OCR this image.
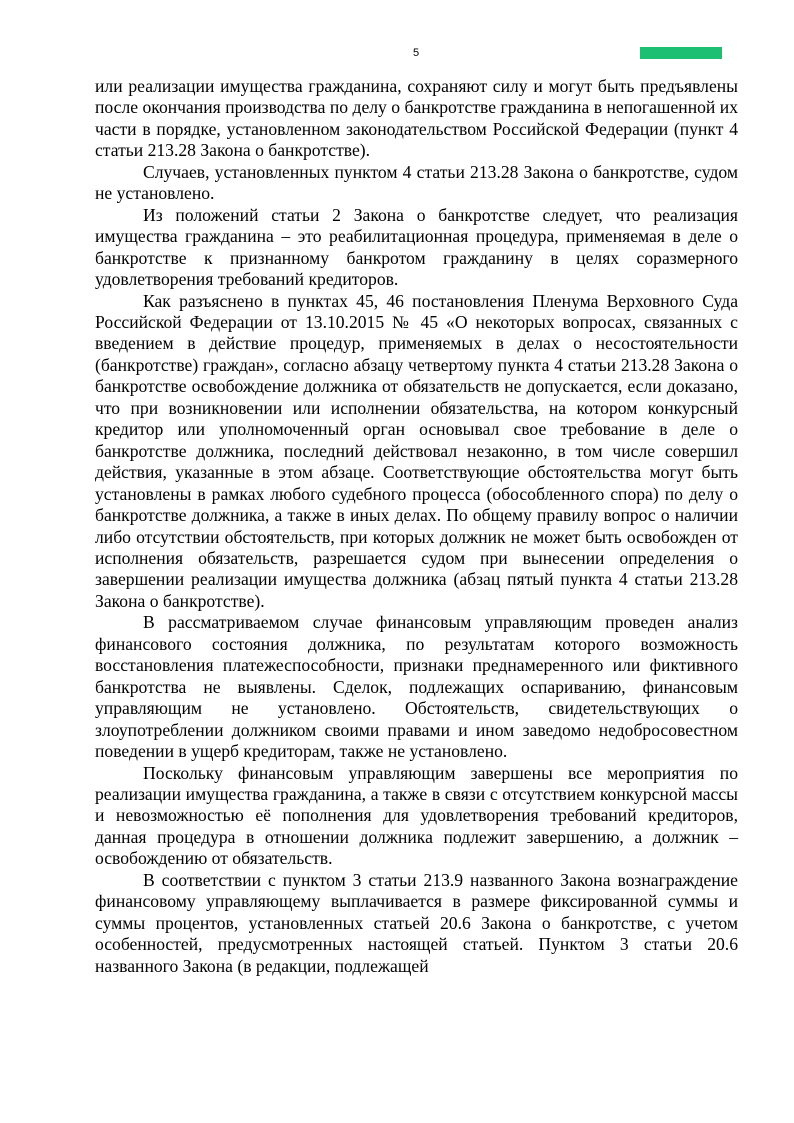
5

или реализации имущества гражданина, сохраняют силу и могут быть предъявлены после окончания производства по делу о банкротстве гражданина в непогашенной их части в порядке, установленном законодательством Российской Федерации (пункт 4 статьи 213.28 Закона о банкротстве).

Случаев, установленных пунктом 4 статьи 213.28 Закона о банкротстве, судом не установлено.

Из положений статьи 2 Закона о банкротстве следует, что реализация имущества гражданина – это реабилитационная процедура, применяемая в деле о банкротстве к признанному банкротом гражданину в целях соразмерного удовлетворения требований кредиторов.

Как разъяснено в пунктах 45, 46 постановления Пленума Верховного Суда Российской Федерации от 13.10.2015 № 45 «О некоторых вопросах, связанных с введением в действие процедур, применяемых в делах о несостоятельности (банкротстве) граждан», согласно абзацу четвертому пункта 4 статьи 213.28 Закона о банкротстве освобождение должника от обязательств не допускается, если доказано, что при возникновении или исполнении обязательства, на котором конкурсный кредитор или уполномоченный орган основывал свое требование в деле о банкротстве должника, последний действовал незаконно, в том числе совершил действия, указанные в этом абзаце. Соответствующие обстоятельства могут быть установлены в рамках любого судебного процесса (обособленного спора) по делу о банкротстве должника, а также в иных делах. По общему правилу вопрос о наличии либо отсутствии обстоятельств, при которых должник не может быть освобожден от исполнения обязательств, разрешается судом при вынесении определения о завершении реализации имущества должника (абзац пятый пункта 4 статьи 213.28 Закона о банкротстве).

В рассматриваемом случае финансовым управляющим проведен анализ финансового состояния должника, по результатам которого возможность восстановления платежеспособности, признаки преднамеренного или фиктивного банкротства не выявлены. Сделок, подлежащих оспариванию, финансовым управляющим не установлено. Обстоятельств, свидетельствующих о злоупотреблении должником своими правами и ином заведомо недобросовестном поведении в ущерб кредиторам, также не установлено.

Поскольку финансовым управляющим завершены все мероприятия по реализации имущества гражданина, а также в связи с отсутствием конкурсной массы и невозможностью её пополнения для удовлетворения требований кредиторов, данная процедура в отношении должника подлежит завершению, а должник – освобождению от обязательств.

В соответствии с пунктом 3 статьи 213.9 названного Закона вознаграждение финансовому управляющему выплачивается в размере фиксированной суммы и суммы процентов, установленных статьей 20.6 Закона о банкротстве, с учетом особенностей, предусмотренных настоящей статьей. Пунктом 3 статьи 20.6 названного Закона (в редакции, подлежащей
